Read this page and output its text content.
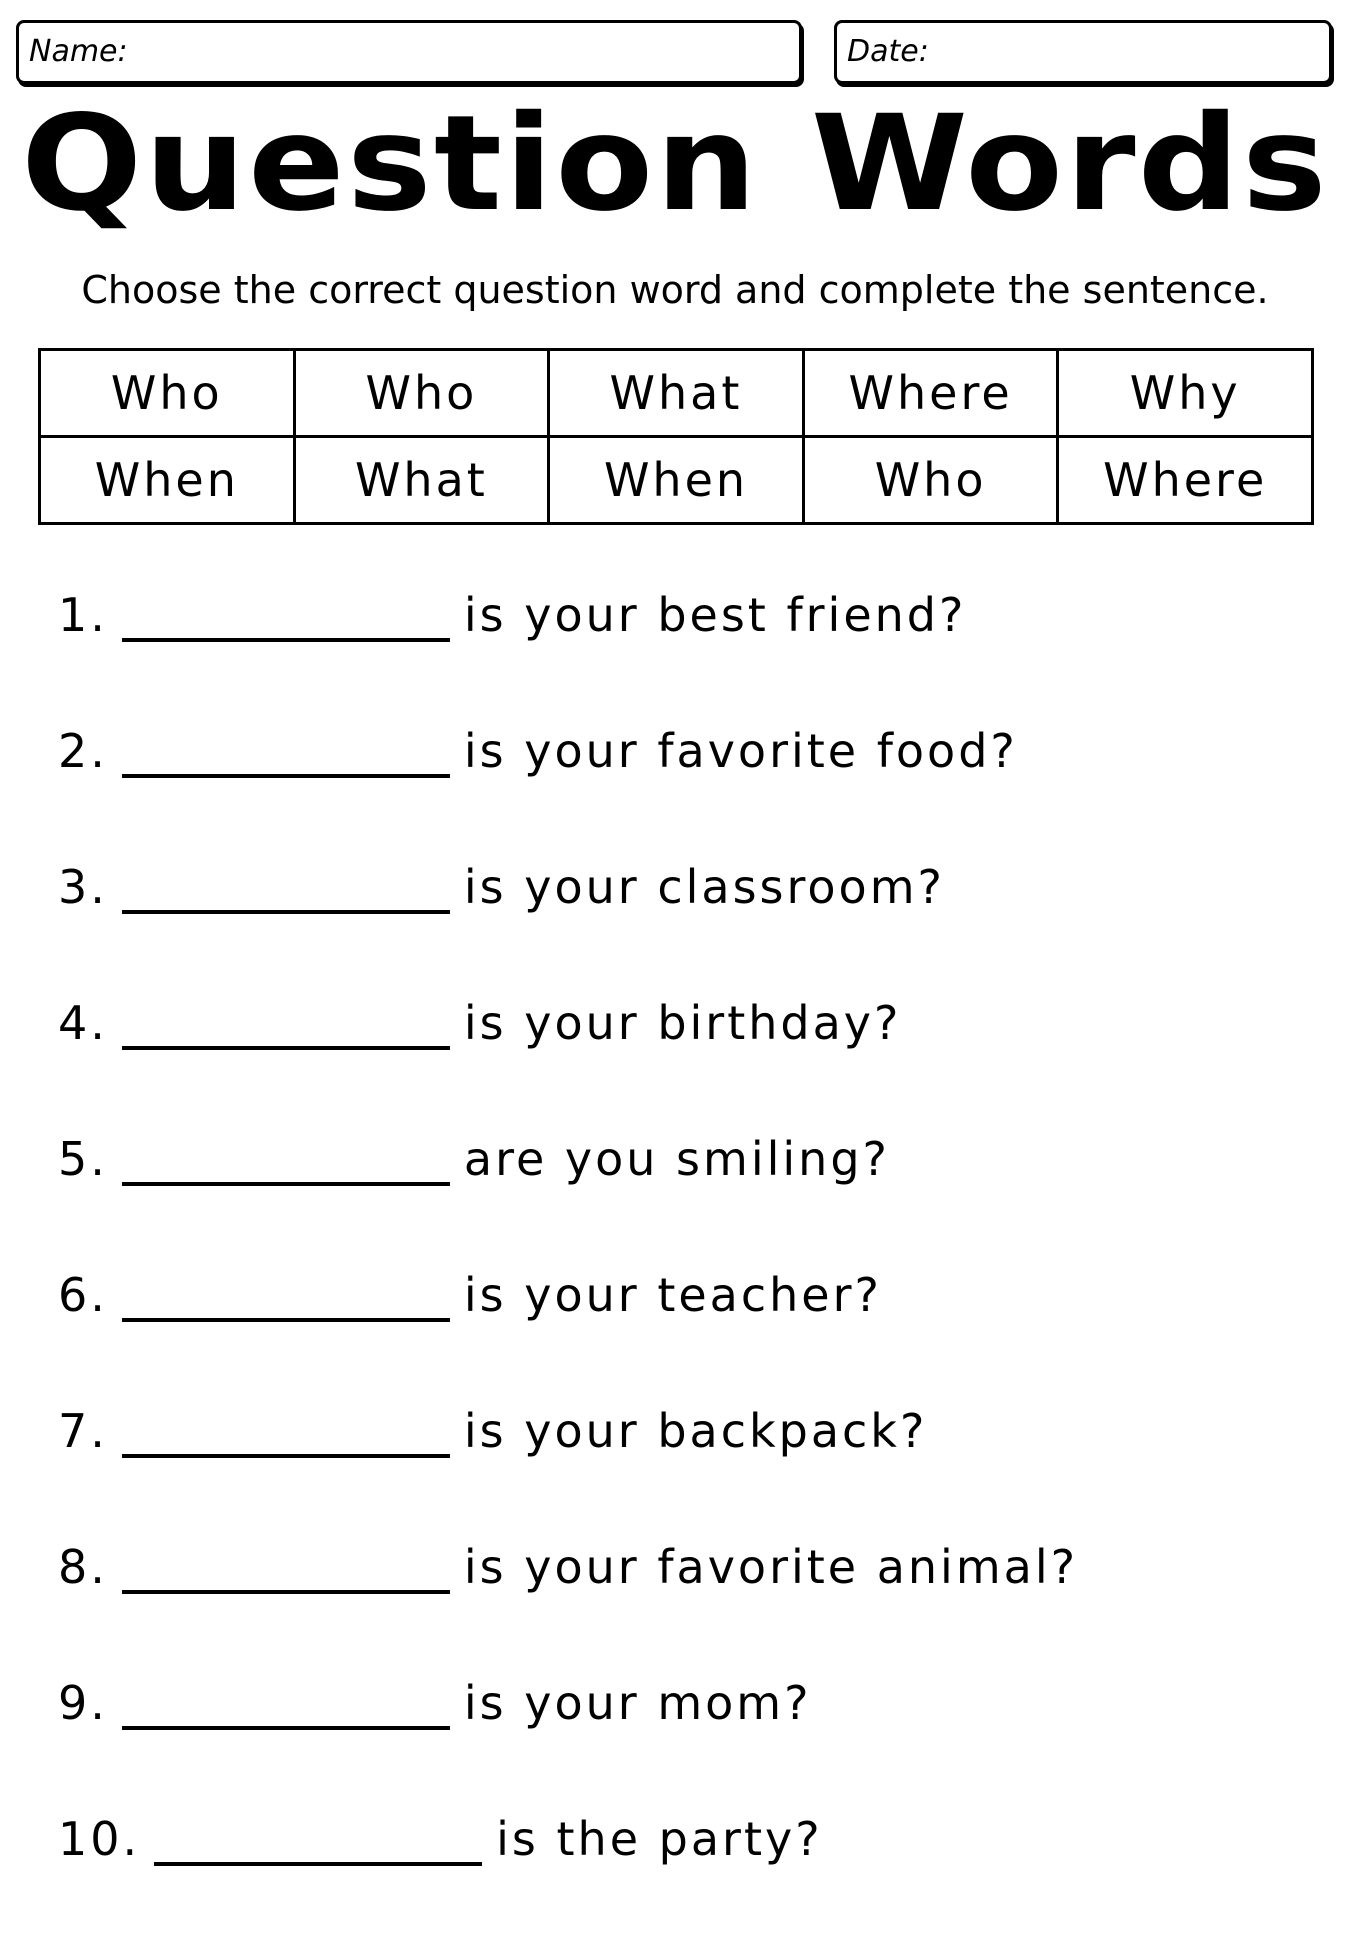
Name:	Date:
Question Words
Choose the correct question word and complete the sentence.
Who	Who	What	Where	Why
When	What	When	Who	Where
1.	is your best friend?
2.	is your favorite food?
3.	is your classroom?
4.	is your birthday?
5.	are you smiling?
6.	is your teacher?
7.	is your backpack?
8.	is your favorite animal?
9.	is your mom?
10.	is the party?
